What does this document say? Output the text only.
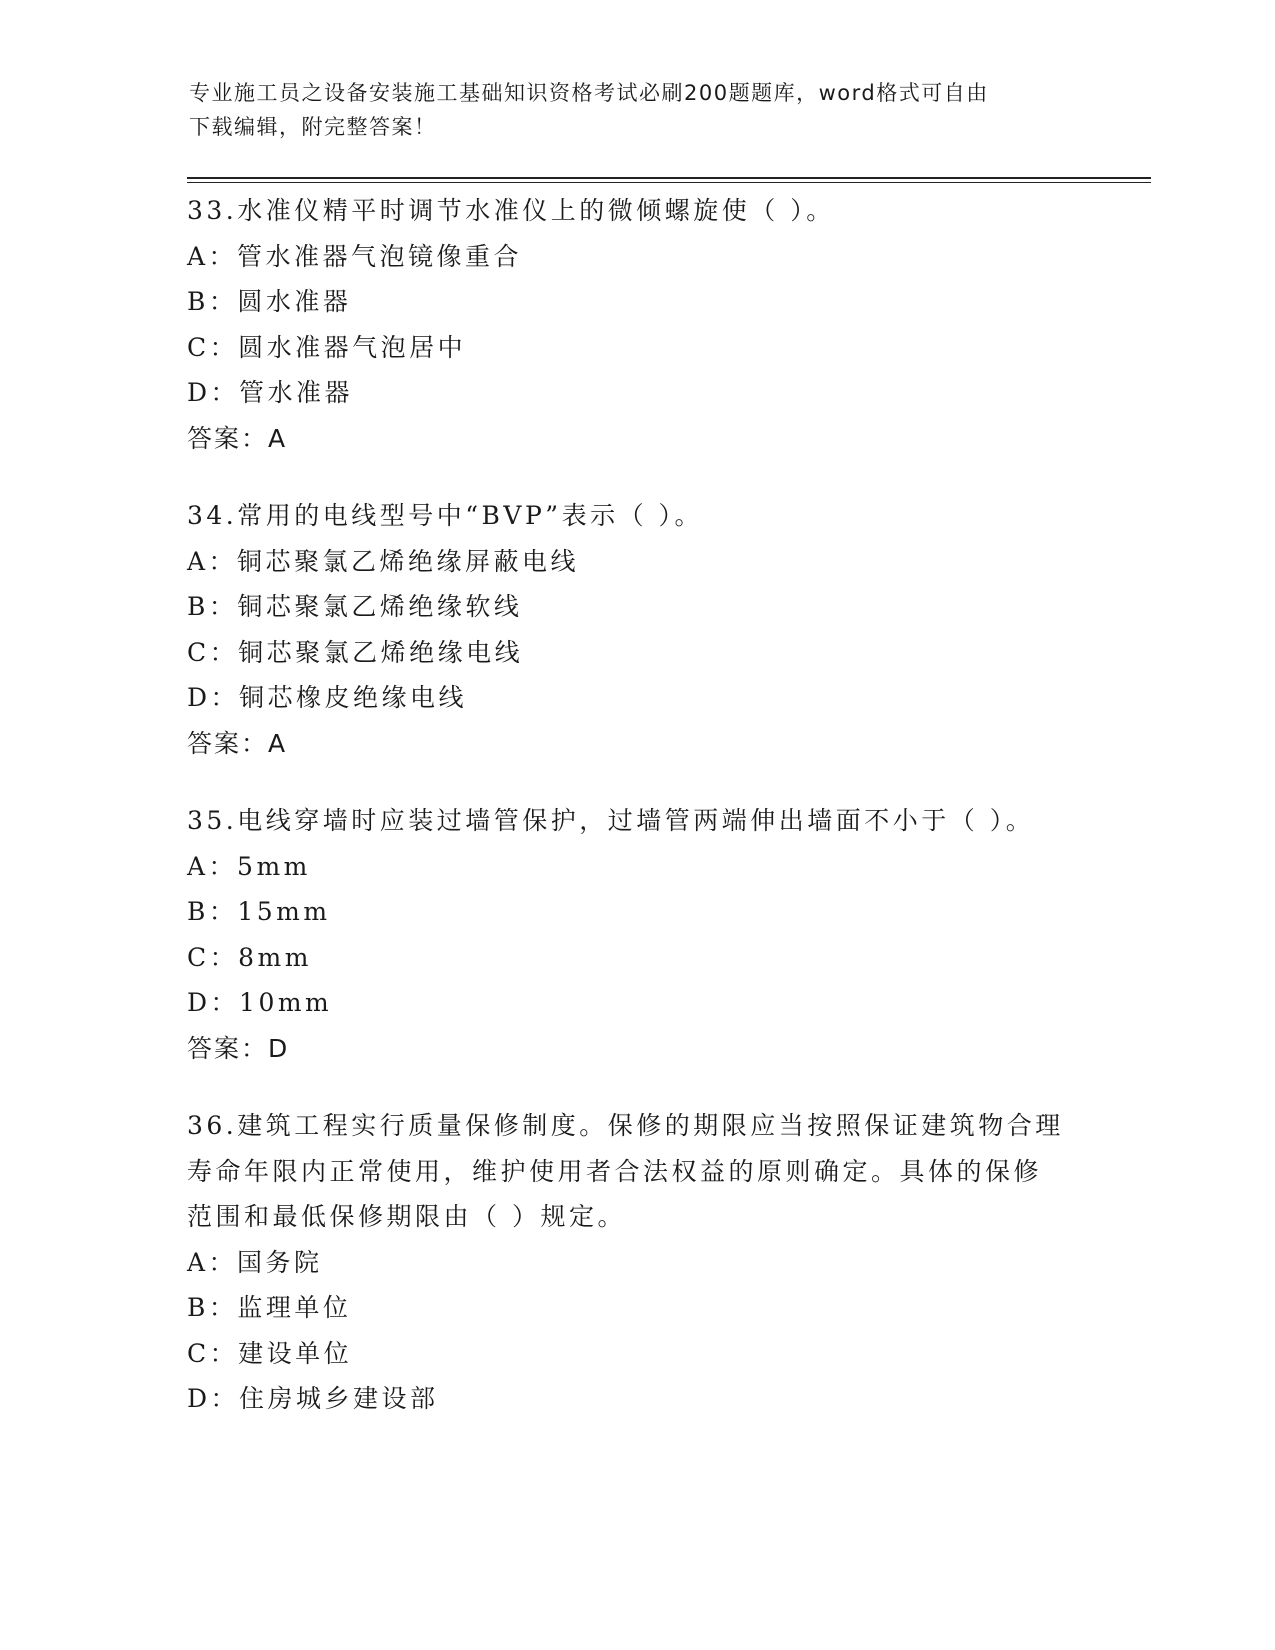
专业施工员之设备安装施工基础知识资格考试必刷200题题库，word格式可自由
下载编辑，附完整答案！
33.水准仪精平时调节水准仪上的微倾螺旋使（ ）。
A：管水准器气泡镜像重合
B：圆水准器
C：圆水准器气泡居中
D：管水准器
答案：A
34.常用的电线型号中“BVP”表示（ ）。
A：铜芯聚氯乙烯绝缘屏蔽电线
B：铜芯聚氯乙烯绝缘软线
C：铜芯聚氯乙烯绝缘电线
D：铜芯橡皮绝缘电线
答案：A
35.电线穿墙时应装过墙管保护，过墙管两端伸出墙面不小于（ ）。
A：5mm
B：15mm
C：8mm
D：10mm
答案：D
36.建筑工程实行质量保修制度。保修的期限应当按照保证建筑物合理寿命年限内正常使用，维护使用者合法权益的原则确定。具体的保修范围和最低保修期限由（ ）规定。
A：国务院
B：监理单位
C：建设单位
D：住房城乡建设部
